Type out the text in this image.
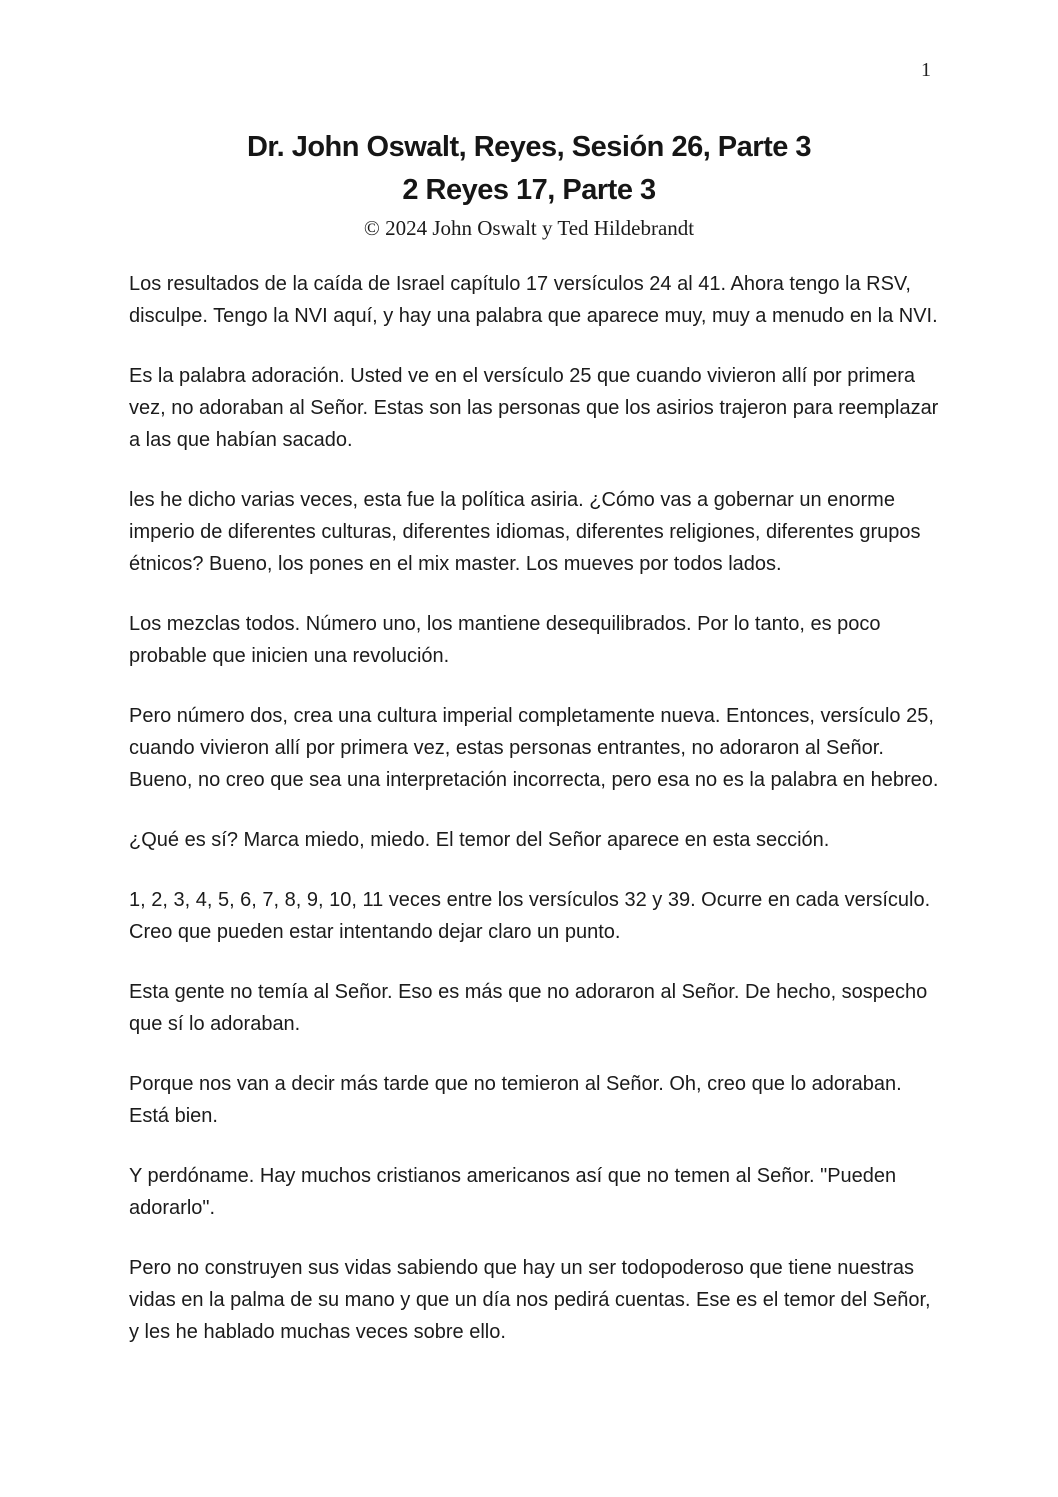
1
Dr. John Oswalt, Reyes, Sesión 26, Parte 3
2 Reyes 17, Parte 3
© 2024 John Oswalt y Ted Hildebrandt

Los resultados de la caída de Israel capítulo 17 versículos 24 al 41. Ahora tengo la RSV, disculpe. Tengo la NVI aquí, y hay una palabra que aparece muy, muy a menudo en la NVI.

Es la palabra adoración. Usted ve en el versículo 25 que cuando vivieron allí por primera vez, no adoraban al Señor. Estas son las personas que los asirios trajeron para reemplazar a las que habían sacado.

les he dicho varias veces, esta fue la política asiria. ¿Cómo vas a gobernar un enorme imperio de diferentes culturas, diferentes idiomas, diferentes religiones, diferentes grupos étnicos? Bueno, los pones en el mix master. Los mueves por todos lados.

Los mezclas todos. Número uno, los mantiene desequilibrados. Por lo tanto, es poco probable que inicien una revolución.

Pero número dos, crea una cultura imperial completamente nueva. Entonces, versículo 25, cuando vivieron allí por primera vez, estas personas entrantes, no adoraron al Señor. Bueno, no creo que sea una interpretación incorrecta, pero esa no es la palabra en hebreo.

¿Qué es sí? Marca miedo, miedo. El temor del Señor aparece en esta sección.

1, 2, 3, 4, 5, 6, 7, 8, 9, 10, 11 veces entre los versículos 32 y 39. Ocurre en cada versículo. Creo que pueden estar intentando dejar claro un punto.

Esta gente no temía al Señor. Eso es más que no adoraron al Señor. De hecho, sospecho que sí lo adoraban.

Porque nos van a decir más tarde que no temieron al Señor. Oh, creo que lo adoraban. Está bien.

Y perdóname. Hay muchos cristianos americanos así que no temen al Señor. "Pueden adorarlo".

Pero no construyen sus vidas sabiendo que hay un ser todopoderoso que tiene nuestras vidas en la palma de su mano y que un día nos pedirá cuentas. Ese es el temor del Señor, y les he hablado muchas veces sobre ello.
